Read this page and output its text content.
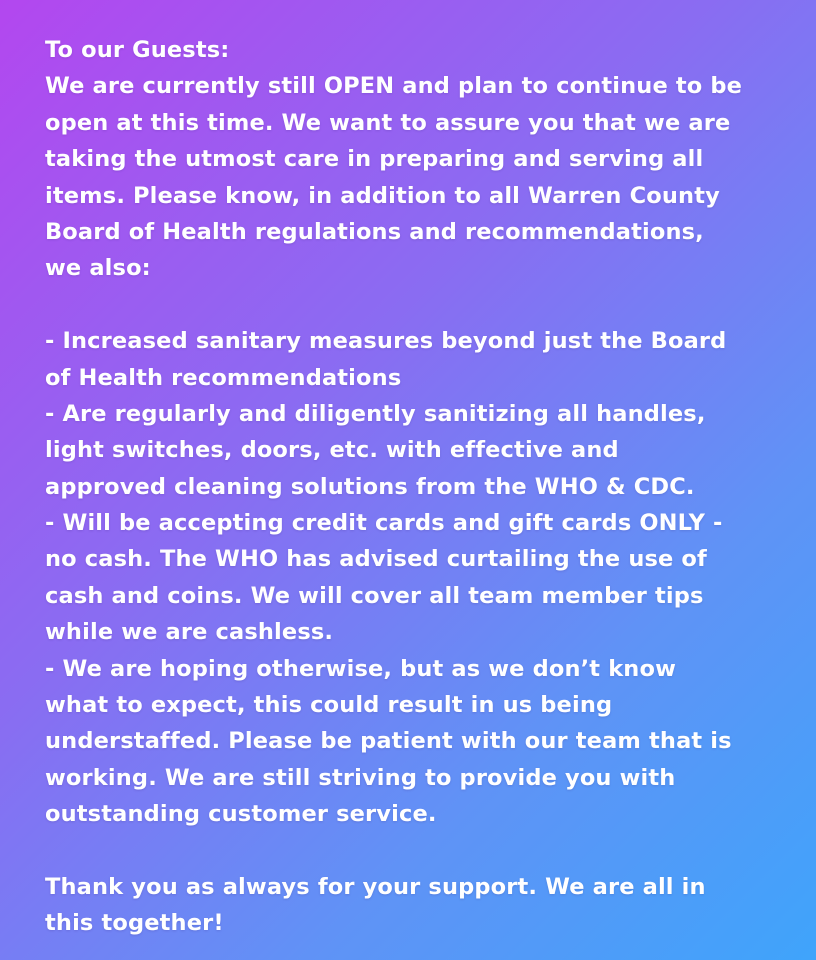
To our Guests:
We are currently still OPEN and plan to continue to be
open at this time. We want to assure you that we are
taking the utmost care in preparing and serving all
items. Please know, in addition to all Warren County
Board of Health regulations and recommendations,
we also:
- Increased sanitary measures beyond just the Board
of Health recommendations
- Are regularly and diligently sanitizing all handles,
light switches, doors, etc. with effective and
approved cleaning solutions from the WHO & CDC.
- Will be accepting credit cards and gift cards ONLY -
no cash. The WHO has advised curtailing the use of
cash and coins. We will cover all team member tips
while we are cashless.
- We are hoping otherwise, but as we don’t know
what to expect, this could result in us being
understaffed. Please be patient with our team that is
working. We are still striving to provide you with
outstanding customer service.
Thank you as always for your support. We are all in
this together!
